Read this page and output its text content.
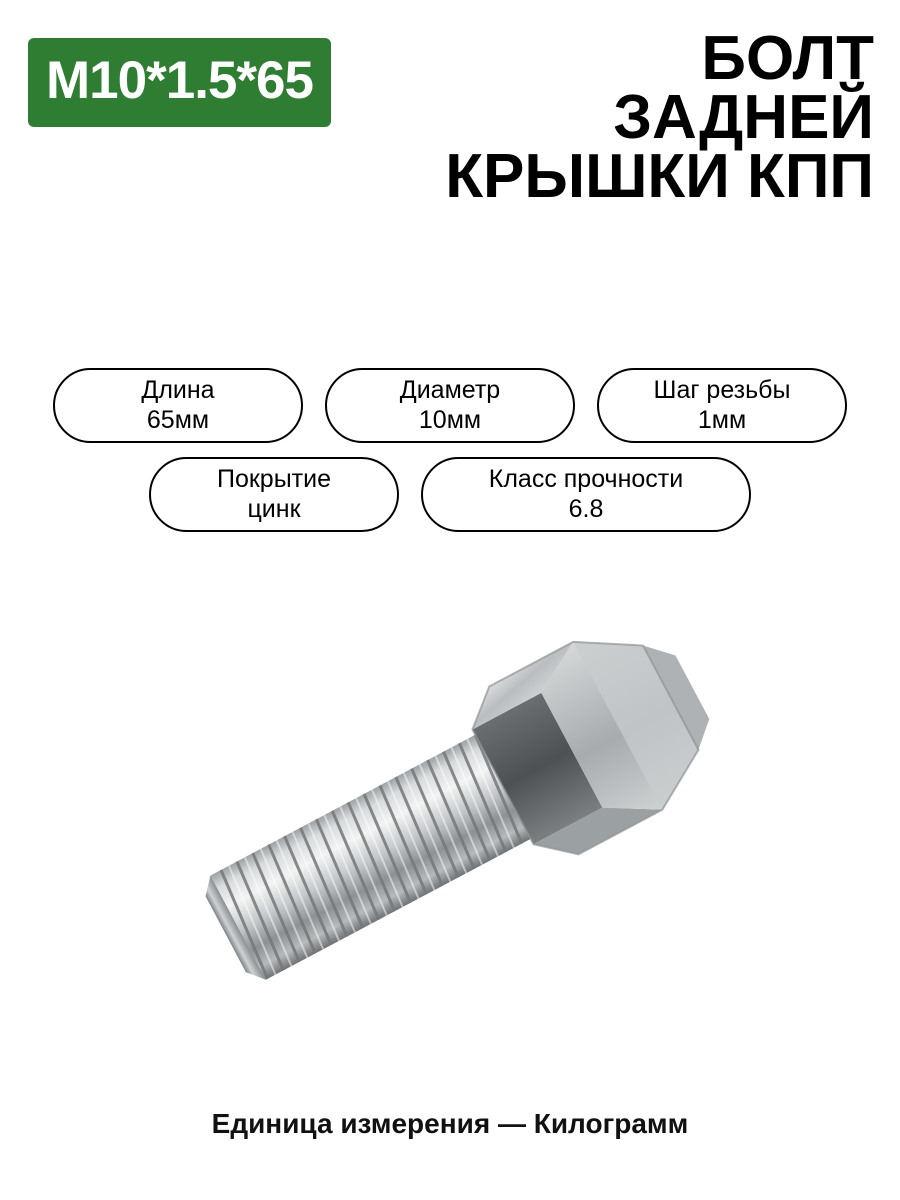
M10*1.5*65	БОЛТ
ЗАДНЕЙ
КРЫШКИ КПП
Длина
65мм
Диаметр
10мм
Шаг резьбы
1мм
Покрытие
цинк
Класс прочности
6.8
Единица измерения — Килограмм
